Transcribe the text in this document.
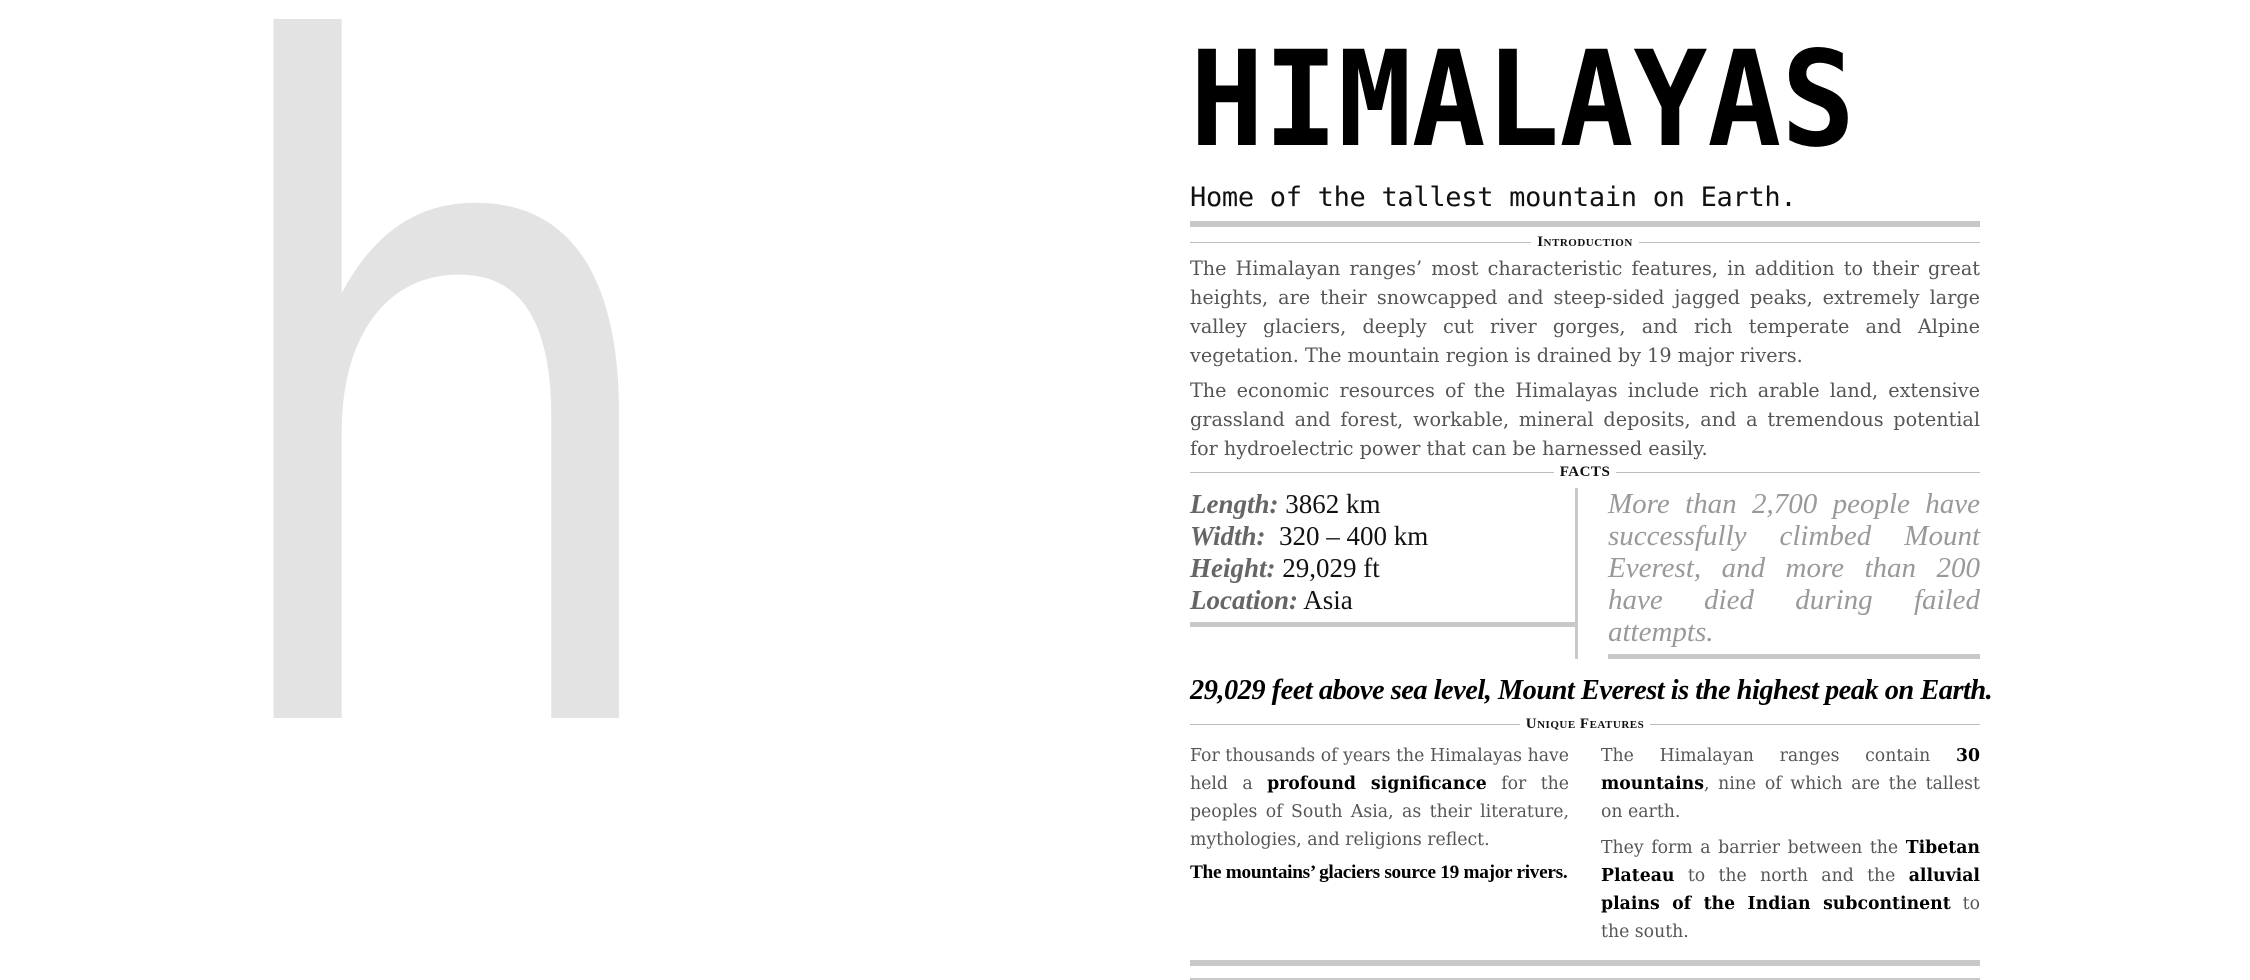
h	HIMALAYAS
Home of the tallest mountain on Earth.
Introduction

The Himalayan ranges’ most characteristic features, in addition to their great heights, are their snowcapped and steep-sided jagged peaks, extremely large valley glaciers, deeply cut river gorges, and rich temperate and Alpine vegetation. The mountain region is drained by 19 major rivers.

The economic resources of the Himalayas include rich arable land, extensive grassland and forest, workable, mineral deposits, and a tremendous potential for hydroelectric power that can be harnessed easily.

FACTS
Length: 3862 km
Width: 320 – 400 km
Height: 29,029 ft
Location: Asia

More than 2,700 people have successfully climbed Mount Everest, and more than 200 have died during failed attempts.

29,029 feet above sea level, Mount Everest is the highest peak on Earth.
Unique Features

For thousands of years the Himalayas have held a profound significance for the peoples of South Asia, as their literature, mythologies, and religions reflect.

The mountains’ glaciers source 19 major rivers.

The Himalayan ranges contain 30 mountains, nine of which are the tallest on earth.

They form a barrier between the Tibetan Plateau to the north and the alluvial plains of the Indian subcontinent to the south.
